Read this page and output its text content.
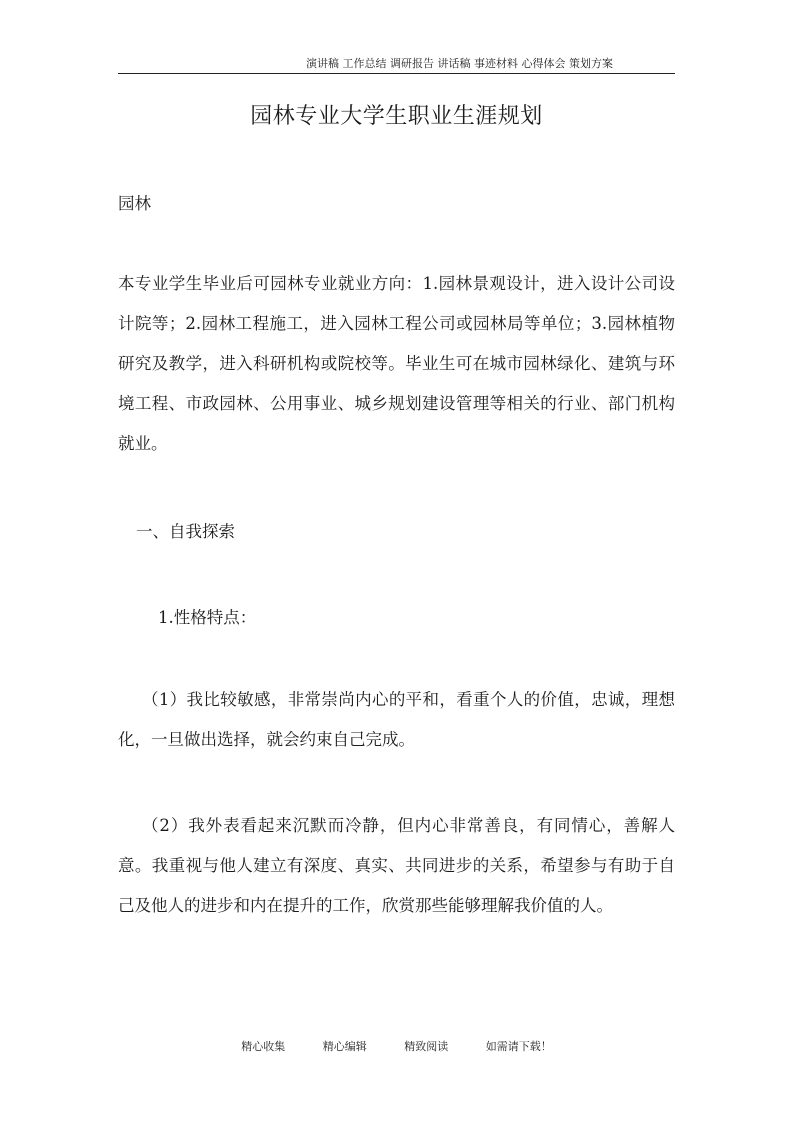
演讲稿 工作总结 调研报告 讲话稿 事迹材料 心得体会 策划方案
园林专业大学生职业生涯规划
园林
本专业学生毕业后可园林专业就业方向：1.园林景观设计，进入设计公司设计院等；2.园林工程施工，进入园林工程公司或园林局等单位；3.园林植物研究及教学，进入科研机构或院校等。毕业生可在城市园林绿化、建筑与环境工程、市政园林、公用事业、城乡规划建设管理等相关的行业、部门机构就业。
一、自我探索
1.性格特点：
（1）我比较敏感，非常崇尚内心的平和，看重个人的价值，忠诚，理想化，一旦做出选择，就会约束自己完成。
（2）我外表看起来沉默而冷静，但内心非常善良，有同情心，善解人意。我重视与他人建立有深度、真实、共同进步的关系，希望参与有助于自己及他人的进步和内在提升的工作，欣赏那些能够理解我价值的人。
精心收集	精心编辑	精致阅读	如需请下载！
